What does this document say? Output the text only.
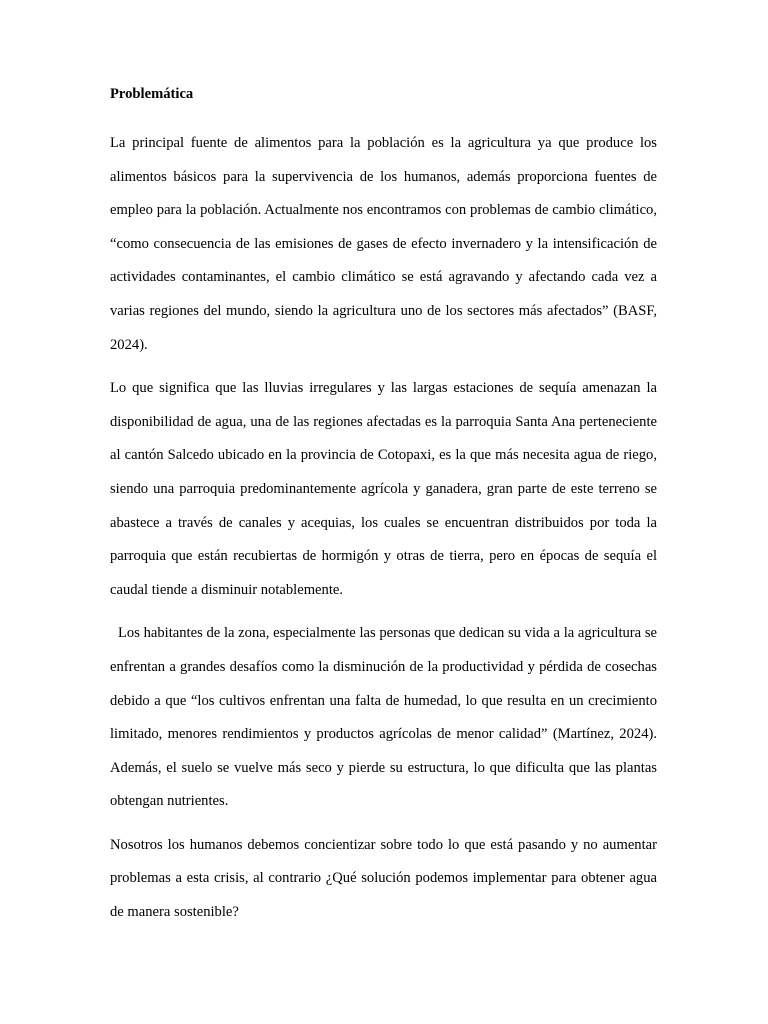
Problemática

La principal fuente de alimentos para la población es la agricultura ya que produce los alimentos básicos para la supervivencia de los humanos, además proporciona fuentes de empleo para la población. Actualmente nos encontramos con problemas de cambio climático, “como consecuencia de las emisiones de gases de efecto invernadero y la intensificación de actividades contaminantes, el cambio climático se está agravando y afectando cada vez a varias regiones del mundo, siendo la agricultura uno de los sectores más afectados” (BASF, 2024).

Lo que significa que las lluvias irregulares y las largas estaciones de sequía amenazan la disponibilidad de agua, una de las regiones afectadas es la parroquia Santa Ana perteneciente al cantón Salcedo ubicado en la provincia de Cotopaxi, es la que más necesita agua de riego, siendo una parroquia predominantemente agrícola y ganadera, gran parte de este terreno se abastece a través de canales y acequias, los cuales se encuentran distribuidos por toda la parroquia que están recubiertas de hormigón y otras de tierra, pero en épocas de sequía el caudal tiende a disminuir notablemente.

Los habitantes de la zona, especialmente las personas que dedican su vida a la agricultura se enfrentan a grandes desafíos como la disminución de la productividad y pérdida de cosechas debido a que “los cultivos enfrentan una falta de humedad, lo que resulta en un crecimiento limitado, menores rendimientos y productos agrícolas de menor calidad” (Martínez, 2024). Además, el suelo se vuelve más seco y pierde su estructura, lo que dificulta que las plantas obtengan nutrientes.

Nosotros los humanos debemos concientizar sobre todo lo que está pasando y no aumentar problemas a esta crisis, al contrario ¿Qué solución podemos implementar para obtener agua de manera sostenible?
